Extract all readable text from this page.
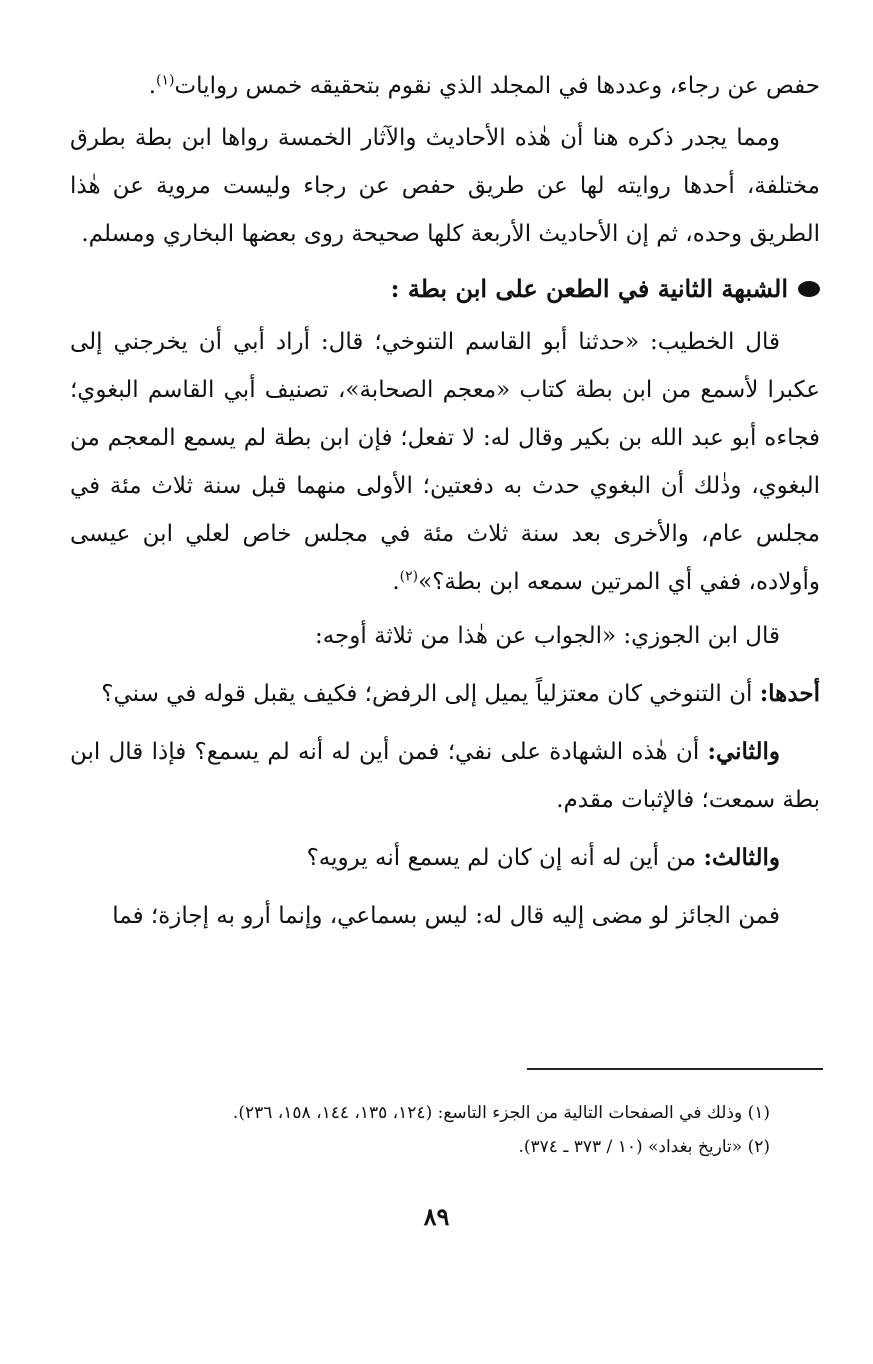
حفص عن رجاء، وعددها في المجلد الذي نقوم بتحقيقه خمس روايات$^{(١)}$.

ومما يجدر ذكره هنا أن هٰذه الأحاديث والآثار الخمسة رواها ابن بطة بطرق مختلفة، أحدها روايته لها عن طريق حفص عن رجاء وليست مروية عن هٰذا الطريق وحده، ثم إن الأحاديث الأربعة كلها صحيحة روى بعضها البخاري ومسلم.

الشبهة الثانية في الطعن على ابن بطة :

قال الخطيب: «حدثنا أبو القاسم التنوخي؛ قال: أراد أبي أن يخرجني إلى عكبرا لأسمع من ابن بطة كتاب «معجم الصحابة»، تصنيف أبي القاسم البغوي؛ فجاءه أبو عبد الله بن بكير وقال له: لا تفعل؛ فإن ابن بطة لم يسمع المعجم من البغوي، وذٰلك أن البغوي حدث به دفعتين؛ الأولى منهما قبل سنة ثلاث مئة في مجلس عام، والأخرى بعد سنة ثلاث مئة في مجلس خاص لعلي ابن عيسى وأولاده، ففي أي المرتين سمعه ابن بطة؟»$^{(٢)}$.

قال ابن الجوزي: «الجواب عن هٰذا من ثلاثة أوجه:

أحدها: أن التنوخي كان معتزلياً يميل إلى الرفض؛ فكيف يقبل قوله في سني؟

والثاني: أن هٰذه الشهادة على نفي؛ فمن أين له أنه لم يسمع؟ فإذا قال ابن بطة سمعت؛ فالإثبات مقدم.

والثالث: من أين له أنه إن كان لم يسمع أنه يرويه؟

فمن الجائز لو مضى إليه قال له: ليس بسماعي، وإنما أرو به إجازة؛ فما

(١) وذلك في الصفحات التالية من الجزء التاسع: (١٢٤، ١٣٥، ١٤٤، ١٥٨، ٢٣٦).

(٢) «تاريخ بغداد» (١٠ / ٣٧٣ ـ ٣٧٤).

٨٩
